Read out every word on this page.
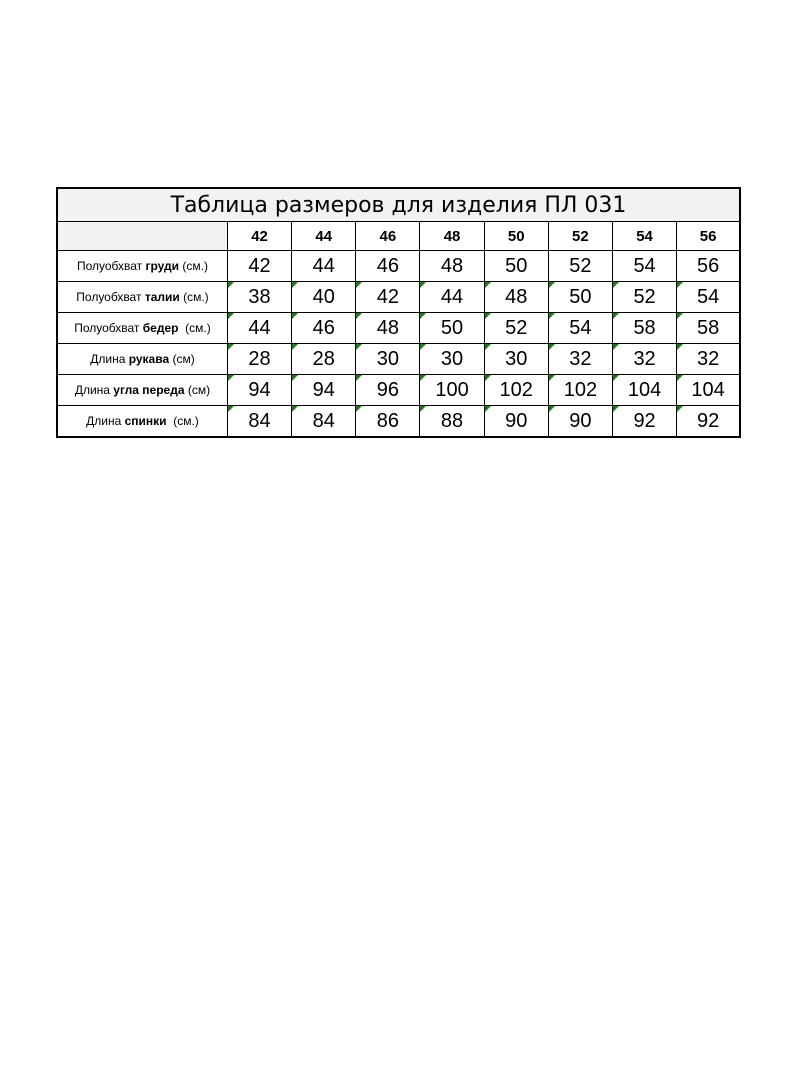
Таблица размеров для изделия ПЛ 031								
	42	44	46	48	50	52	54	56
Полуобхват груди (см.)	42	44	46	48	50	52	54	56
Полуобхват талии (см.)	38	40	42	44	48	50	52	54
Полуобхват бедер  (см.)	44	46	48	50	52	54	58	58
Длина рукава (см)	28	28	30	30	30	32	32	32
Длина угла переда (см)	94	94	96	100	102	102	104	104
Длина спинки  (см.)	84	84	86	88	90	90	92	92
